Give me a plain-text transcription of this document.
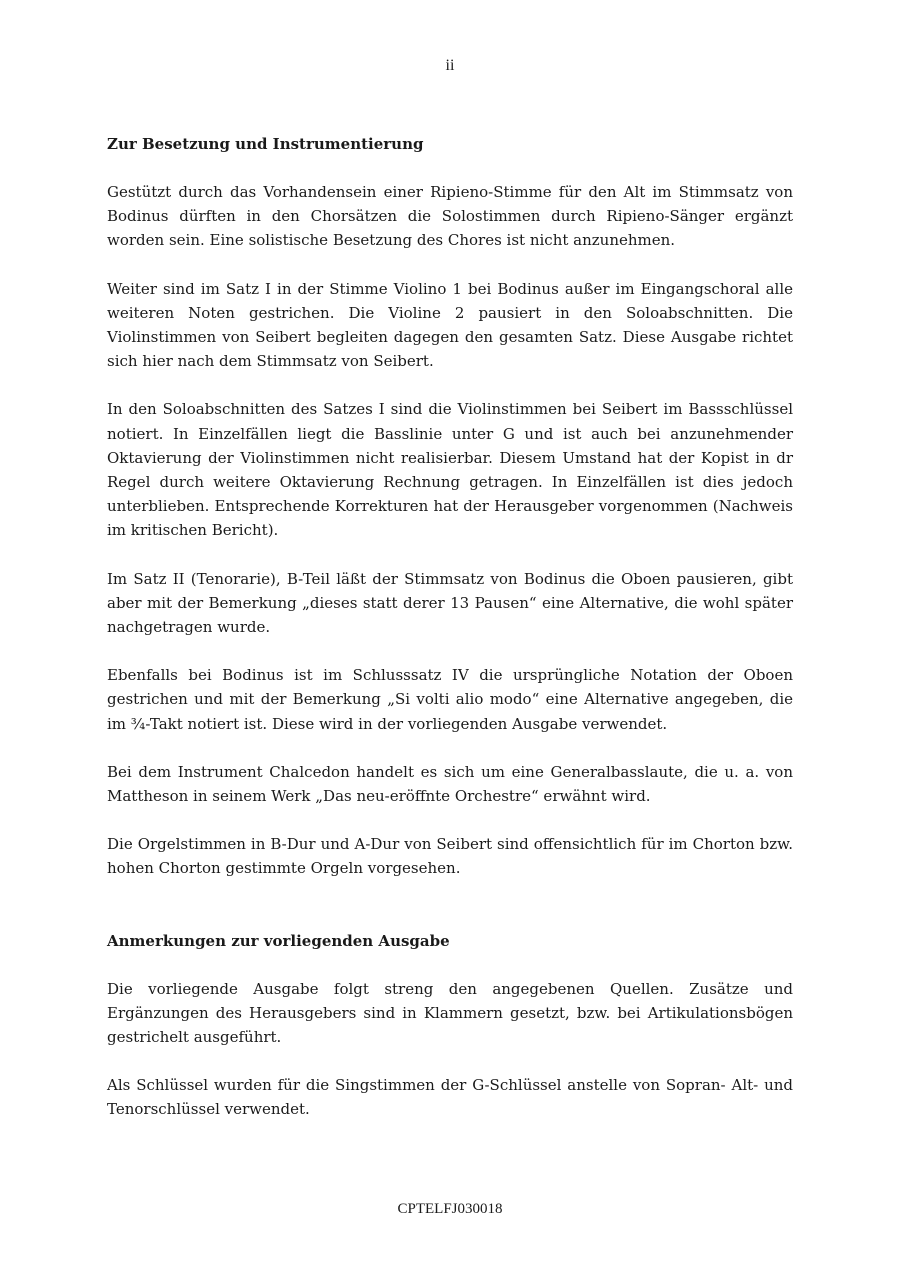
ii
Zur Besetzung und Instrumentierung

Gestützt durch das Vorhandensein einer Ripieno-Stimme für den Alt im Stimmsatz von Bodinus dürften in den Chorsätzen die Solostimmen durch Ripieno-Sänger ergänzt worden sein. Eine solistische Besetzung des Chores ist nicht anzunehmen.

Weiter sind im Satz I in der Stimme Violino 1 bei Bodinus außer im Eingangschoral alle weiteren Noten gestrichen. Die Violine 2 pausiert in den Soloabschnitten. Die Violinstimmen von Seibert begleiten dagegen den gesamten Satz. Diese Ausgabe richtet sich hier nach dem Stimmsatz von Seibert.

In den Soloabschnitten des Satzes I sind die Violinstimmen bei Seibert im Bassschlüssel notiert. In Einzelfällen liegt die Basslinie unter G und ist auch bei anzunehmender Oktavierung der Violinstimmen nicht realisierbar. Diesem Umstand hat der Kopist in dr Regel durch weitere Oktavierung Rechnung getragen. In Einzelfällen ist dies jedoch unterblieben. Entsprechende Korrekturen hat der Herausgeber vorgenommen (Nachweis im kritischen Bericht).

Im Satz II (Tenorarie), B-Teil läßt der Stimmsatz von Bodinus die Oboen pausieren, gibt aber mit der Bemerkung „dieses statt derer 13 Pausen“ eine Alternative, die wohl später nachgetragen wurde.

Ebenfalls bei Bodinus ist im Schlusssatz IV die ursprüngliche Notation der Oboen gestrichen und mit der Bemerkung „Si volti alio modo“ eine Alternative angegeben, die im ¾-Takt notiert ist. Diese wird in der vorliegenden Ausgabe verwendet.

Bei dem Instrument Chalcedon handelt es sich um eine Generalbasslaute, die u. a. von Mattheson in seinem Werk „Das neu-eröffnte Orchestre“ erwähnt wird.

Die Orgelstimmen in B-Dur und A-Dur von Seibert sind offensichtlich für im Chorton bzw. hohen Chorton gestimmte Orgeln vorgesehen.

Anmerkungen zur vorliegenden Ausgabe

Die vorliegende Ausgabe folgt streng den angegebenen Quellen. Zusätze und Ergänzungen des Herausgebers sind in Klammern gesetzt, bzw. bei Artikulationsbögen gestrichelt ausgeführt.

Als Schlüssel wurden für die Singstimmen der G-Schlüssel anstelle von Sopran- Alt- und Tenorschlüssel verwendet.

CPTELFJ030018
